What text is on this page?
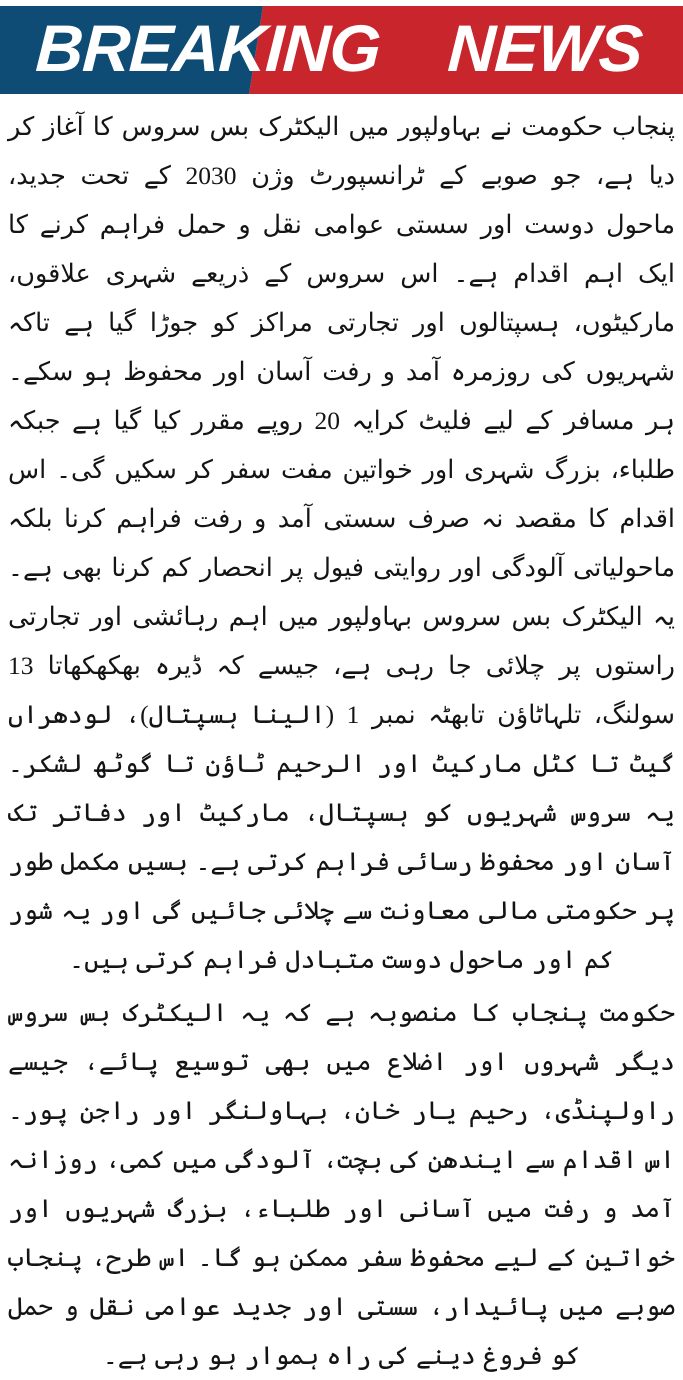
BREAKING NEWS

پنجاب حکومت نے بہاولپور میں الیکٹرک بس سروس کا آغاز کر دیا ہے، جو صوبے کے ٹرانسپورٹ وژن 2030 کے تحت جدید، ماحول دوست اور سستی عوامی نقل و حمل فراہم کرنے کا ایک اہم اقدام ہے۔ اس سروس کے ذریعے شہری علاقوں، مارکیٹوں، ہسپتالوں اور تجارتی مراکز کو جوڑا گیا ہے تاکہ شہریوں کی روزمرہ آمد و رفت آسان اور محفوظ ہو سکے۔ ہر مسافر کے لیے فلیٹ کرایہ 20 روپے مقرر کیا گیا ہے جبکہ طلباء، بزرگ شہری اور خواتین مفت سفر کر سکیں گی۔ اس اقدام کا مقصد نہ صرف سستی آمد و رفت فراہم کرنا بلکہ ماحولیاتی آلودگی اور روایتی فیول پر انحصار کم کرنا بھی ہے۔ یہ الیکٹرک بس سروس بہاولپور میں اہم رہائشی اور تجارتی راستوں پر چلائی جا رہی ہے، جیسے کہ ڈیرہ بھکھکھاتا 13 سولنگ، تلہاٹاؤن تابھٹہ نمبر 1 (الینا ہسپتال)، لودھراں گیٹ تا کٹل مارکیٹ اور الرحیم ٹاؤن تا گوٹھ لشکر۔ یہ سروس شہریوں کو ہسپتال، مارکیٹ اور دفاتر تک آسان اور محفوظ رسائی فراہم کرتی ہے۔ بسیں مکمل طور پر حکومتی مالی معاونت سے چلائی جائیں گی اور یہ شور کم اور ماحول دوست متبادل فراہم کرتی ہیں۔

حکومت پنجاب کا منصوبہ ہے کہ یہ الیکٹرک بس سروس دیگر شہروں اور اضلاع میں بھی توسیع پائے، جیسے راولپنڈی، رحیم یار خان، بہاولنگر اور راجن پور۔ اس اقدام سے ایندھن کی بچت، آلودگی میں کمی، روزانہ آمد و رفت میں آسانی اور طلباء، بزرگ شہریوں اور خواتین کے لیے محفوظ سفر ممکن ہو گا۔ اس طرح، پنجاب صوبے میں پائیدار، سستی اور جدید عوامی نقل و حمل کو فروغ دینے کی راہ ہموار ہو رہی ہے۔
